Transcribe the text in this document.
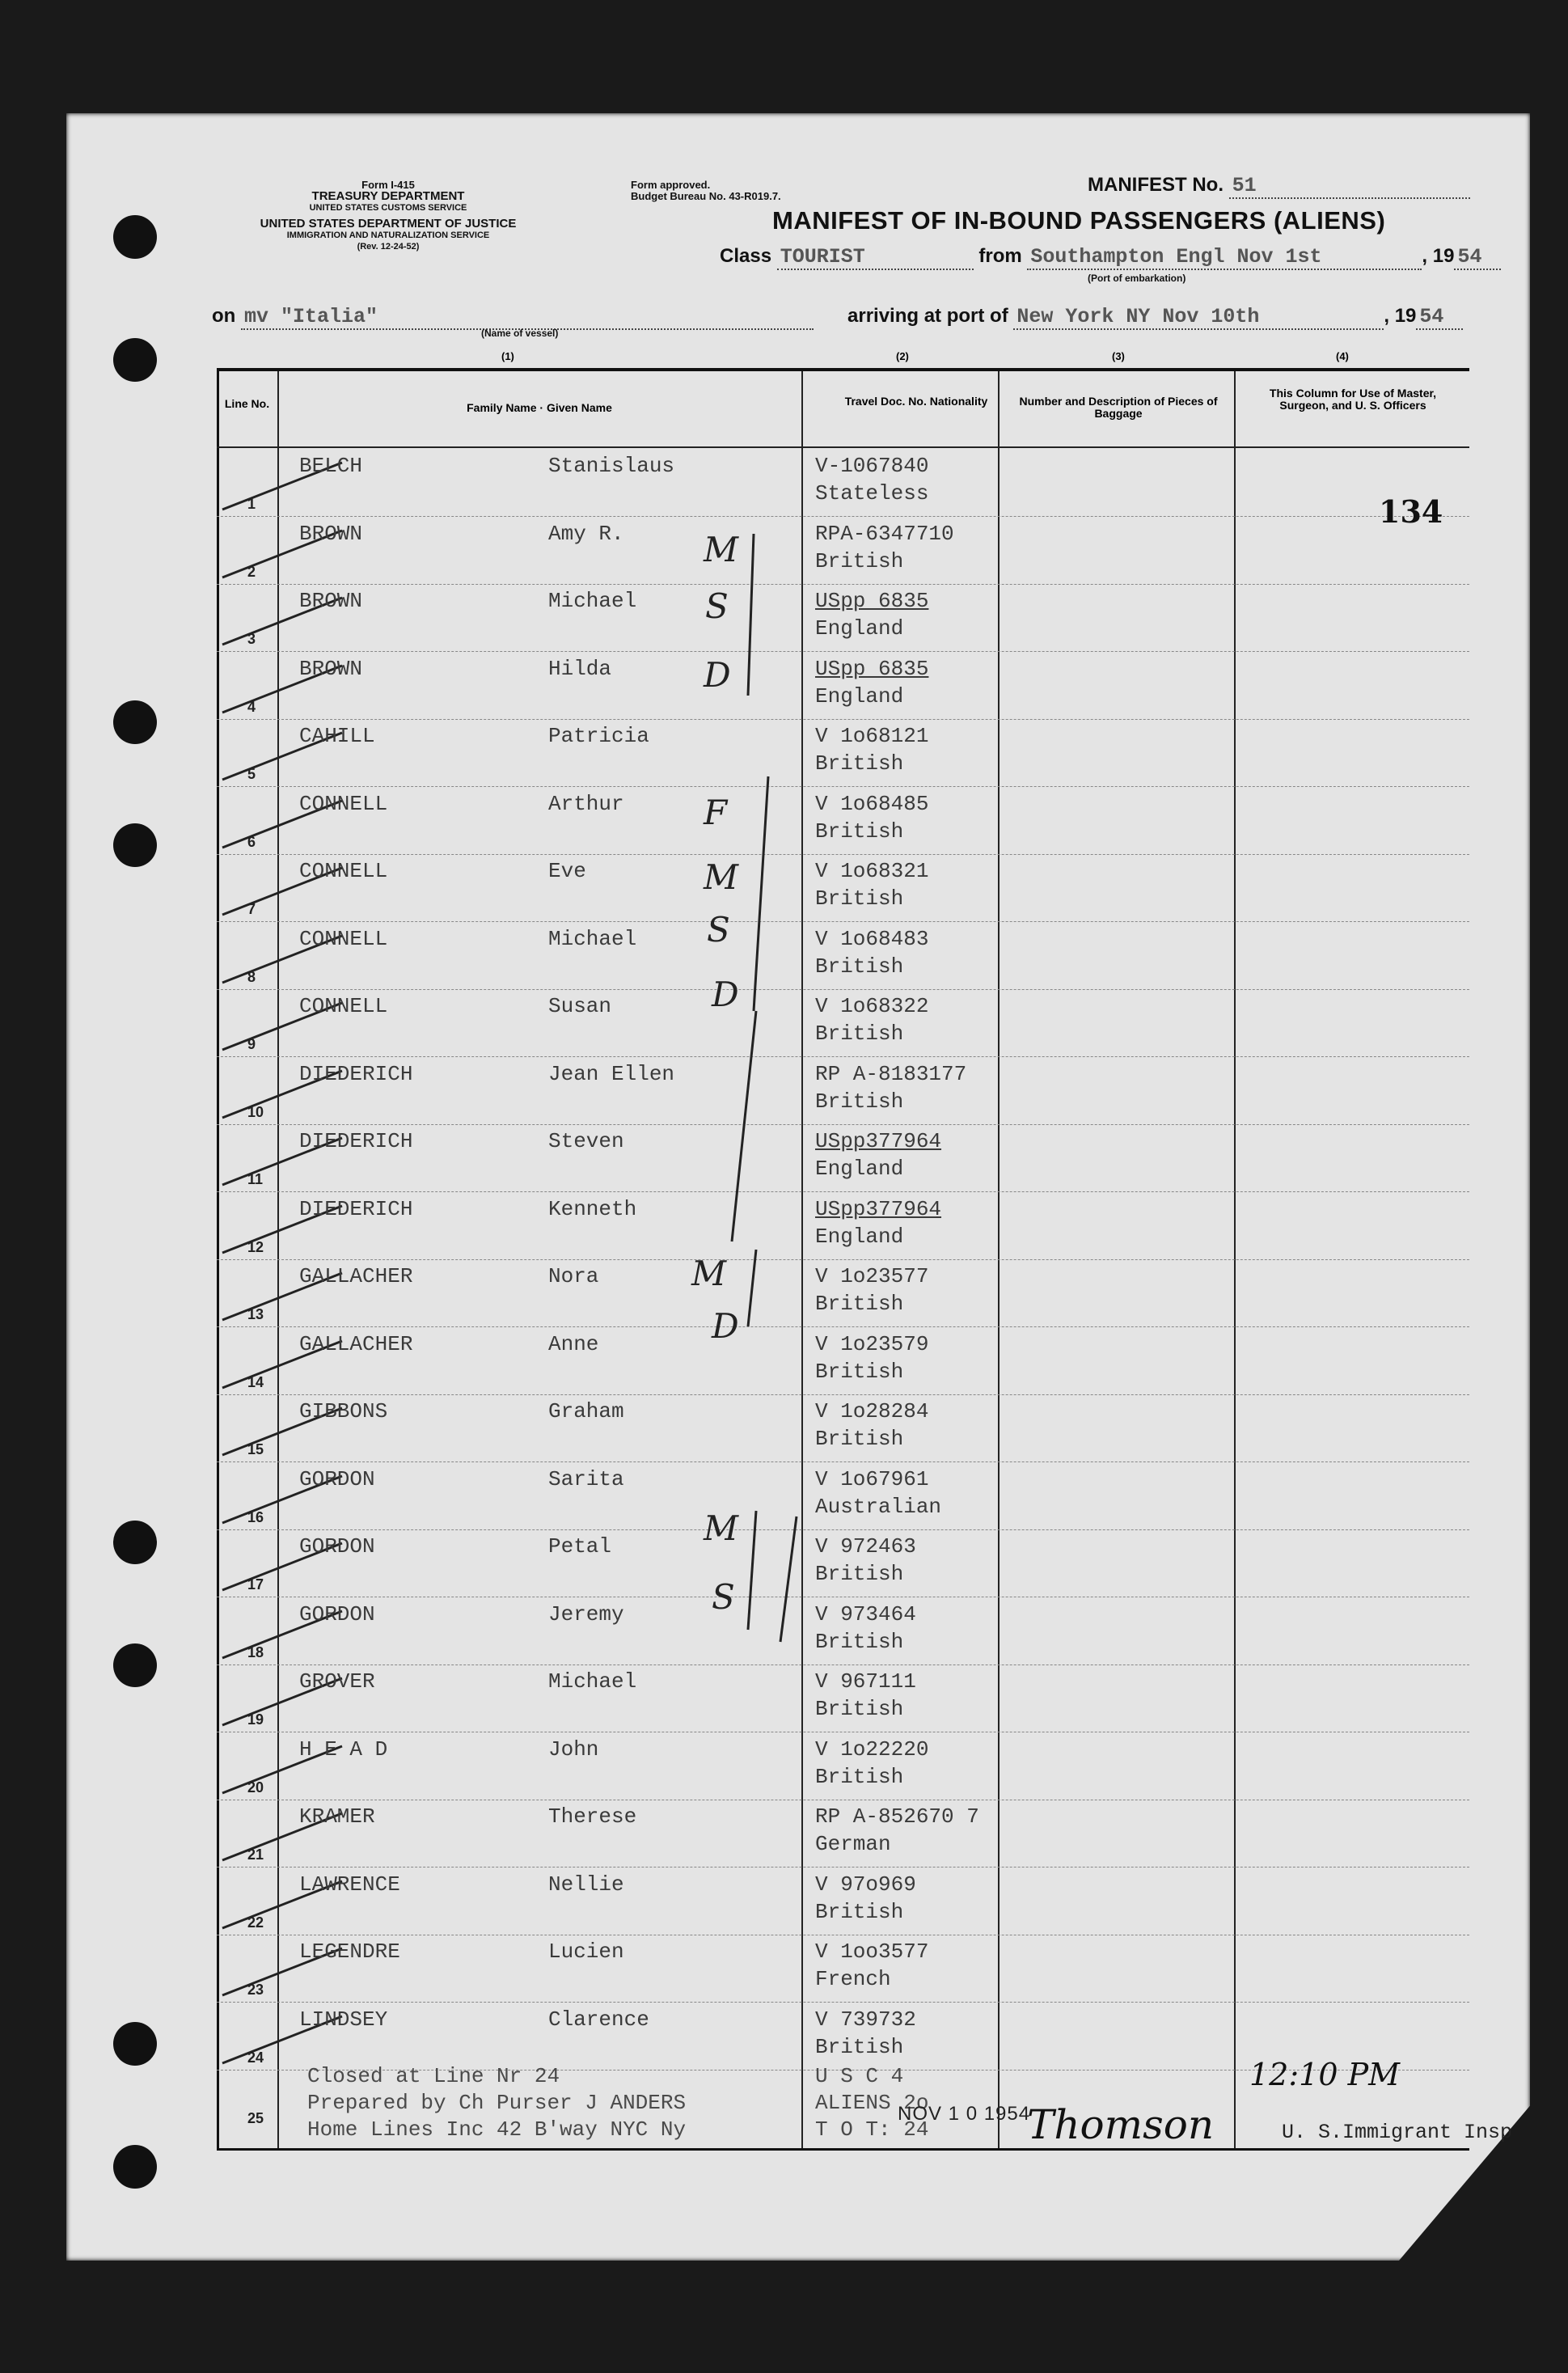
Form I-415
TREASURY DEPARTMENT
UNITED STATES CUSTOMS SERVICE
UNITED STATES DEPARTMENT OF JUSTICE
IMMIGRATION AND NATURALIZATION SERVICE
(Rev. 12-24-52)
Form approved.
Budget Bureau No. 43-R019.7.
MANIFEST No. 51
MANIFEST OF IN-BOUND PASSENGERS (ALIENS)
Class TOURIST	from Southampton Engl Nov 1st	, 19 54
(Port of embarkation)
on mv "Italia"
(Name of vessel)
arriving at port of New York NY Nov 10th	, 19 54
(1)	(2)	(3)	(4)
Line No.	Family Name · Given Name	Travel Doc. No. Nationality	Number and Description of Pieces of Baggage
This Column for Use of Master, Surgeon, and U. S. Officers
1
BELCH	Stanislaus	V-1067840
Stateless
2
BROWN	Amy R.	RPA-6347710
British
3
BROWN	Michael	USpp 6835
England
4
BROWN	Hilda	USpp 6835
England
5
CAHILL	Patricia	V 1o68121
British
6
CONNELL	Arthur	V 1o68485
British
7
CONNELL	Eve	V 1o68321
British
8
CONNELL	Michael	V 1o68483
British
9
CONNELL	Susan	V 1o68322
British
10
DIEDERICH	Jean Ellen	RP A-8183177
British
11
DIEDERICH	Steven	USpp377964
England
12
DIEDERICH	Kenneth	USpp377964
England
13
GALLACHER	Nora	V 1o23577
British
14
GALLACHER	Anne	V 1o23579
British
15
GIBBONS	Graham	V 1o28284
British
16
GORDON	Sarita	V 1o67961
Australian
17
GORDON	Petal	V 972463
British
18
GORDON	Jeremy	V 973464
British
19
GROVER	Michael	V 967111
British
20
H E A D	John	V 1o22220
British
21
KRAMER	Therese	RP A-852670 7
German
22
LAWRENCE	Nellie	V 97o969
British
23
LEGENDRE	Lucien	V 1oo3577
French
24
LINDSEY	Clarence	V 739732
British
25
Closed at Line Nr 24
Prepared by Ch Purser J ANDERS
Home Lines Inc 42 B'way NYC Ny
U S C 4
ALIENS 2o
T O T: 24
134
NOV 1 0 1954
12:10 PM
Thomson	U. S.Immigrant Insp
M
S
D
F
M
S
D
M
D
M
S
